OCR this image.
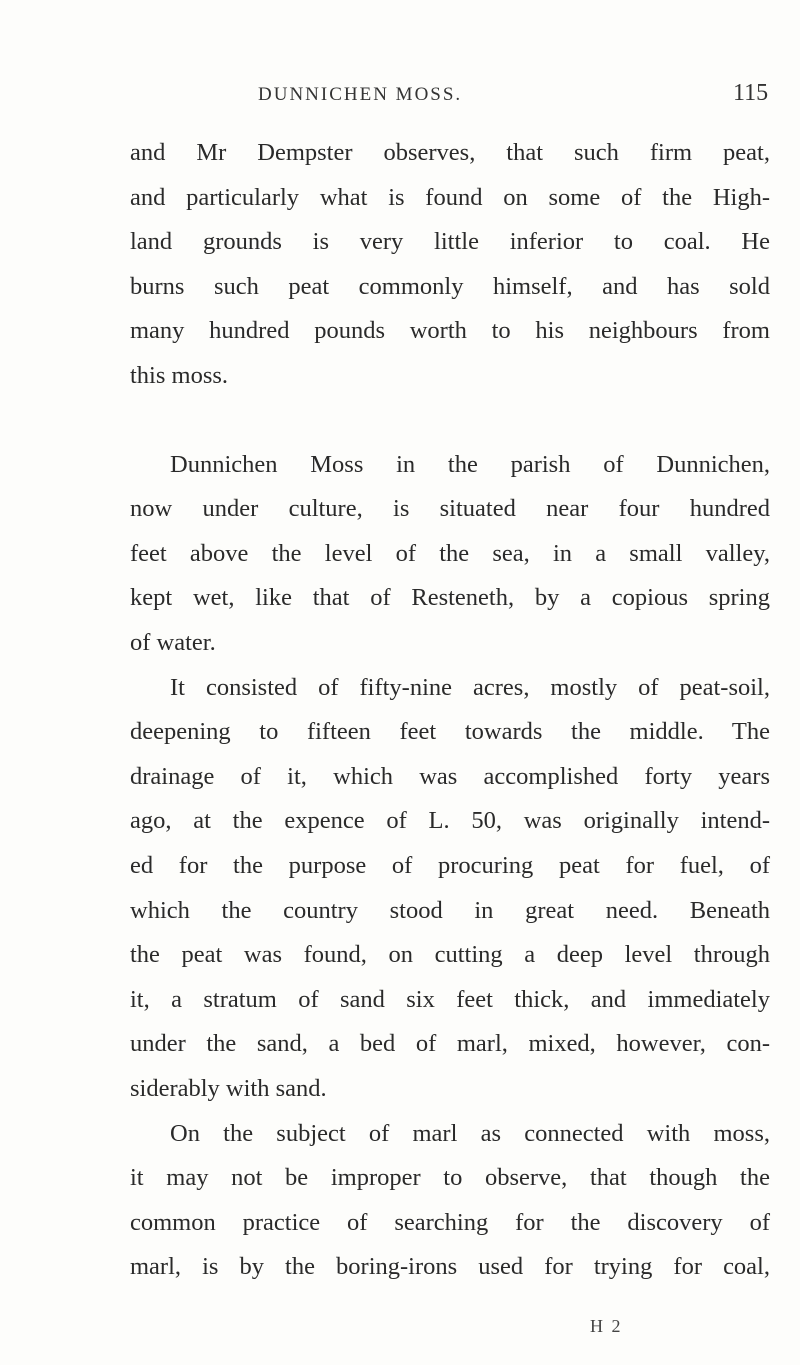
DUNNICHEN MOSS.	115
and Mr Dempster observes, that such firm peat,
and particularly what is found on some of the High-
land grounds is very little inferior to coal. He
burns such peat commonly himself, and has sold
many hundred pounds worth to his neighbours from
this moss.
Dunnichen Moss in the parish of Dunnichen,
now under culture, is situated near four hundred
feet above the level of the sea, in a small valley,
kept wet, like that of Resteneth, by a copious spring
of water.
It consisted of fifty-nine acres, mostly of peat-soil,
deepening to fifteen feet towards the middle. The
drainage of it, which was accomplished forty years
ago, at the expence of L. 50, was originally intend-
ed for the purpose of procuring peat for fuel, of
which the country stood in great need. Beneath
the peat was found, on cutting a deep level through
it, a stratum of sand six feet thick, and immediately
under the sand, a bed of marl, mixed, however, con-
siderably with sand.
On the subject of marl as connected with moss,
it may not be improper to observe, that though the
common practice of searching for the discovery of
marl, is by the boring-irons used for trying for coal,
H 2
